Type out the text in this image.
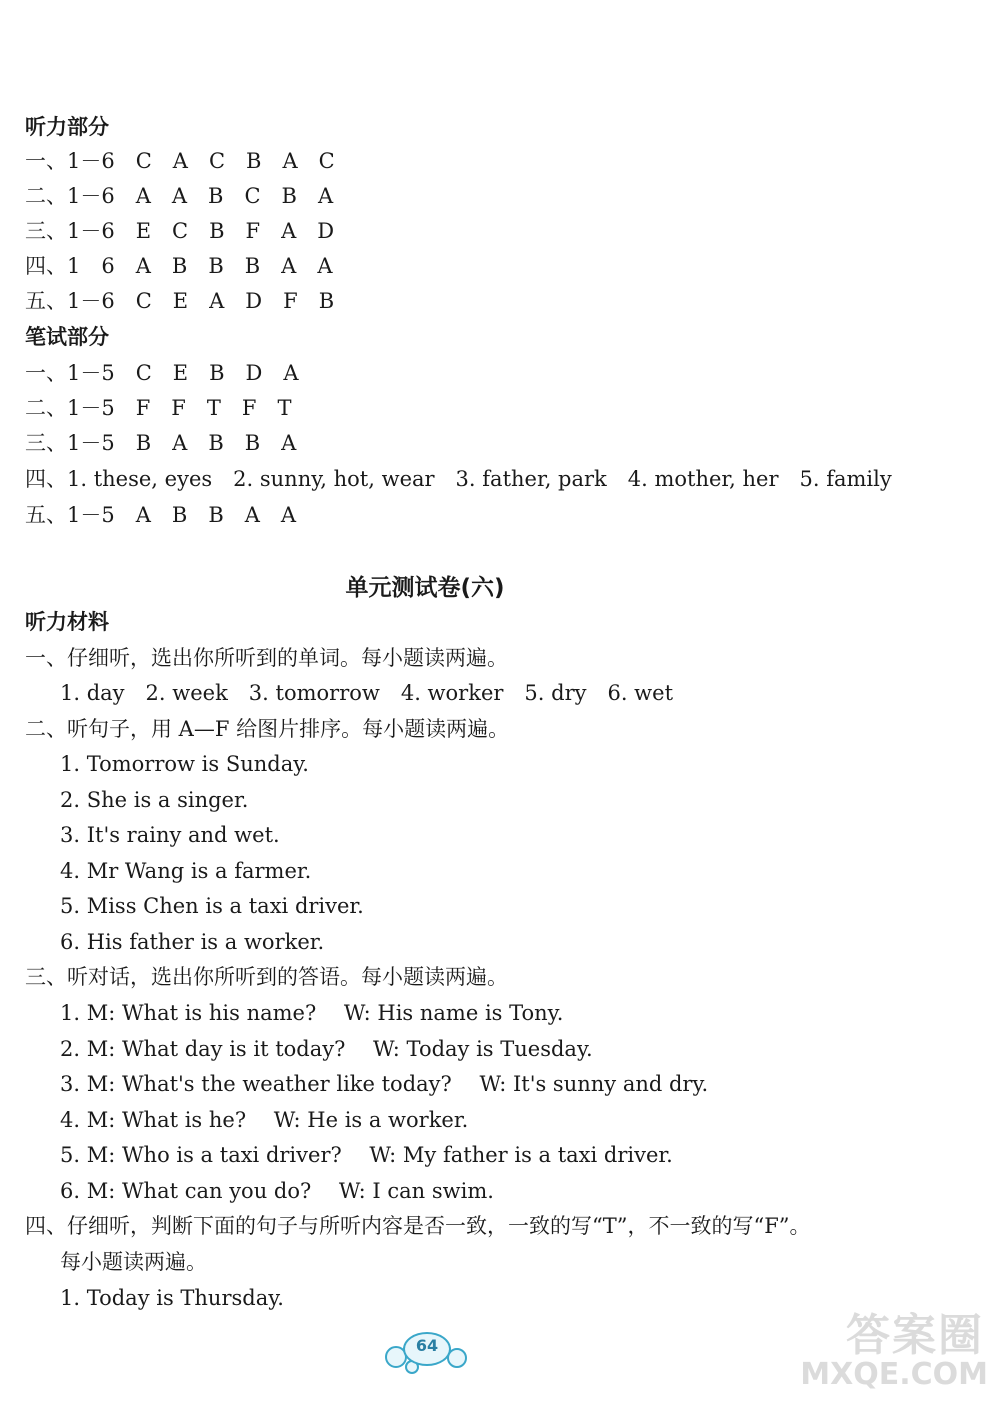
听力部分
一、1－6　C　A　C　B　A　C
二、1－6　A　A　B　C　B　A
三、1－6　E　C　B　F　A　D
四、1　6　A　B　B　B　A　A
五、1－6　C　E　A　D　F　B
笔试部分
一、1－5　C　E　B　D　A
二、1－5　F　F　T　F　T
三、1－5　B　A　B　B　A
四、1. these, eyes　2. sunny, hot, wear　3. father, park　4. mother, her　5. family
五、1－5　A　B　B　A　A
单元测试卷(六)
听力材料
一、仔细听，选出你所听到的单词。每小题读两遍。
1. day　2. week　3. tomorrow　4. worker　5. dry　6. wet
二、听句子，用 A—F 给图片排序。每小题读两遍。
1. Tomorrow is Sunday.
2. She is a singer.
3. It's rainy and wet.
4. Mr Wang is a farmer.
5. Miss Chen is a taxi driver.
6. His father is a worker.
三、听对话，选出你所听到的答语。每小题读两遍。
1. M: What is his name?　 W: His name is Tony.
2. M: What day is it today?　 W: Today is Tuesday.
3. M: What's the weather like today?　 W: It's sunny and dry.
4. M: What is he?　 W: He is a worker.
5. M: Who is a taxi driver?　 W: My father is a taxi driver.
6. M: What can you do?　 W: I can swim.
四、仔细听，判断下面的句子与所听内容是否一致，一致的写“T”，不一致的写“F”。
每小题读两遍。
1. Today is Thursday.
64	答案圈
MXQE.COM
